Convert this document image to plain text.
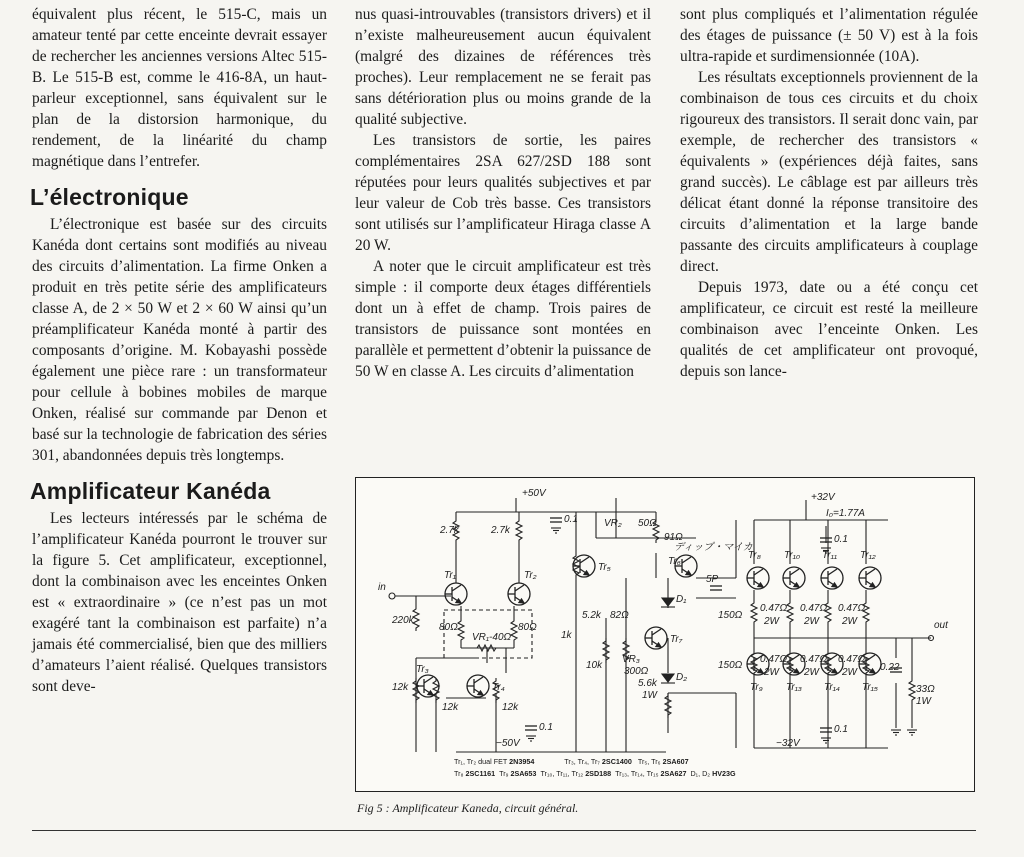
équivalent plus récent, le 515-C, mais un amateur tenté par cette enceinte devrait essayer de rechercher les anciennes versions Altec 515-B. Le 515-B est, comme le 416-8A, un haut-parleur exceptionnel, sans équivalent sur le plan de la distorsion harmonique, du rendement, de la linéarité du champ magnétique dans l’entrefer.

L’électronique

L’électronique est basée sur des circuits Kanéda dont certains sont modifiés au niveau des circuits d’alimentation. La firme Onken a produit en très petite série des amplificateurs classe A, de 2 × 50 W et 2 × 60 W ainsi qu’un préamplificateur Kanéda monté à partir des composants d’origine. M. Kobayashi possède également une pièce rare : un transformateur pour cellule à bobines mobiles de marque Onken, réalisé sur commande par Denon et basé sur la technologie de fabrication des séries 301, abandonnées depuis très longtemps.

Amplificateur Kanéda

Les lecteurs intéressés par le schéma de l’amplificateur Kanéda pourront le trouver sur la figure 5. Cet amplificateur, exceptionnel, dont la combinaison avec les enceintes Onken est « extraordinaire » (ce n’est pas un mot exagéré tant la combinaison est parfaite) n’a jamais été commercialisé, bien que des milliers d’amateurs l’aient réalisé. Quelques transistors sont deve-

nus quasi-introuvables (transistors drivers) et il n’existe malheureusement aucun équivalent (malgré des dizaines de références très proches). Leur remplacement ne se ferait pas sans détérioration plus ou moins grande de la qualité subjective.

Les transistors de sortie, les paires complémentaires 2SA 627/2SD 188 sont réputées pour leurs qualités subjectives et par leur valeur de Cob très basse. Ces transistors sont utilisés sur l’amplificateur Hiraga classe A 20 W.

A noter que le circuit amplificateur est très simple : il comporte deux étages différentiels dont un à effet de champ. Trois paires de transistors de puissance sont montées en parallèle et permettent d’obtenir la puissance de 50 W en classe A. Les circuits d’alimentation

sont plus compliqués et l’alimentation régulée des étages de puissance (± 50 V) est à la fois ultra-rapide et surdimensionnée (10A).

Les résultats exceptionnels proviennent de la combinaison de tous ces circuits et du choix rigoureux des transistors. Il serait donc vain, par exemple, de rechercher des transistors « équivalents » (expériences déjà faites, sans grand succès). Le câblage est par ailleurs très délicat étant donné la réponse transitoire des circuits d’alimentation et la large bande passante des circuits amplificateurs à couplage direct.

Depuis 1973, date ou a été conçu cet amplificateur, ce circuit est resté la meilleure combinaison avec l’enceinte Onken. Les qualités de cet amplificateur ont provoqué, depuis son lance-

+50V
−50V
+32V
−32V
I₀=1.77A
in
out
2.7k	2.7k
220k
80Ω	80Ω
VR₁-40Ω
12k
12k	12k
1k
10k
0.1
0.1
0.1
0.1
VR₂ 50Ω
91Ω
ディップ・マイカ
5P
150Ω
150Ω
0.47Ω
2W
0.47Ω
2W
0.47Ω
2W
0.47Ω
2W
0.47Ω
2W
0.47Ω
2W
5.6k
1W
33Ω
1W
0.22
300Ω
5.2k 82Ω
VR₃
Tr₁	Tr₂
Tr₃
Tr₄
Tr₅
Tr₆
Tr₇
Tr₈
Tr₉
Tr₁₀ Tr₁₁ Tr₁₂
Tr₁₃ Tr₁₄ Tr₁₅
D₁
D₂
Tr₁, Tr₂ dual FET 2N3954	Tr₃, Tr₄, Tr₇ 2SC1400 Tr₅, Tr₆ 2SA607
Tr₈ 2SC1161 Tr₉ 2SA653 Tr₁₀, Tr₁₁, Tr₁₂ 2SD188 Tr₁₃, Tr₁₄, Tr₁₅ 2SA627 D₁, D₂ HV23G
Fig 5 : Amplificateur Kaneda, circuit général.
